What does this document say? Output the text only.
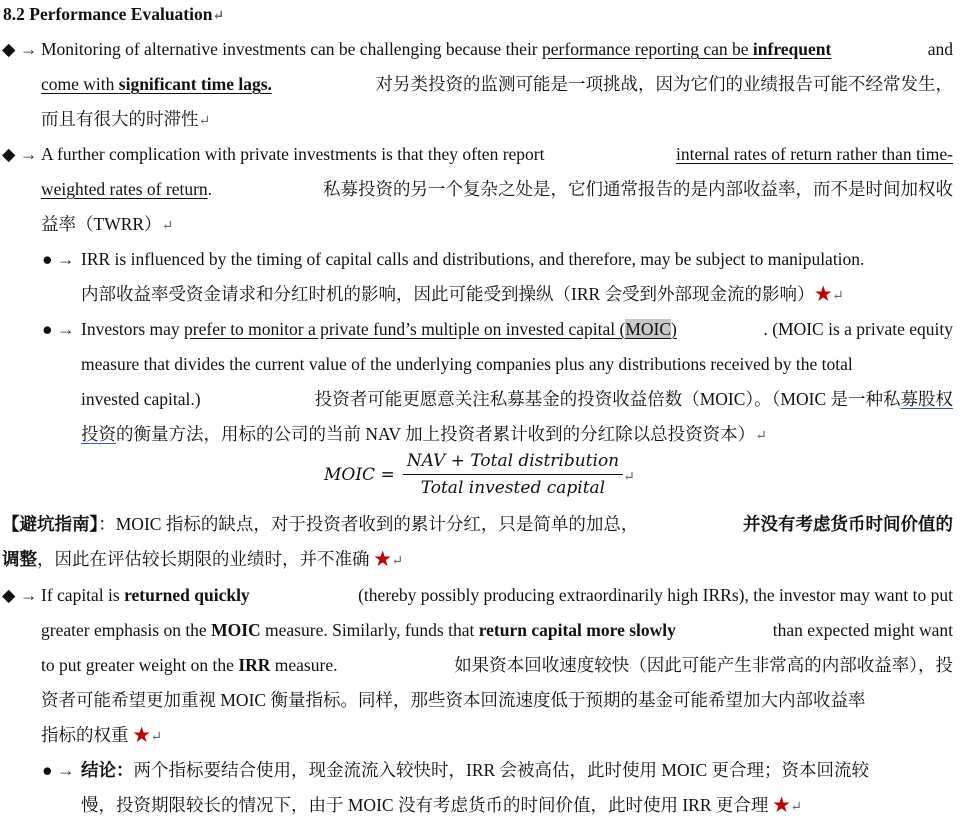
8.2 Performance Evaluation↵
◆ → Monitoring of alternative investments can be challenging because their performance reporting can be infrequent	and
come with significant time lags.	对另类投资的监测可能是一项挑战，因为它们的业绩报告可能不经常发生，
而且有很大的时滞性↵
◆ → A further complication with private investments is that they often report	internal rates of return rather than time-
weighted rates of return.	私募投资的另一个复杂之处是，它们通常报告的是内部收益率，而不是时间加权收
益率（TWRR）↵
● → IRR is influenced by the timing of capital calls and distributions, and therefore, may be subject to manipulation.
内部收益率受资金请求和分红时机的影响，因此可能受到操纵（IRR 会受到外部现金流的影响）★↵
● → Investors may prefer to monitor a private fund’s multiple on invested capital (MOIC)	. (MOIC is a private equity
measure that divides the current value of the underlying companies plus any distributions received by the total
invested capital.)	投资者可能更愿意关注私募基金的投资收益倍数（MOIC）。（MOIC 是一种私募股权
投资的衡量方法，用标的公司的当前 NAV 加上投资者累计收到的分红除以总投资资本）↵
MOIC = $\frac{\text{NAV + Total distribution}}{\text{Total invested capital}}$ ↵
【避坑指南】：MOIC 指标的缺点，对于投资者收到的累计分红，只是简单的加总，	并没有考虑货币时间价值的
调整，因此在评估较长期限的业绩时，并不准确 ★↵
◆ → If capital is returned quickly	(thereby possibly producing extraordinarily high IRRs), the investor may want to put
greater emphasis on the MOIC measure. Similarly, funds that return capital more slowly	than expected might want
to put greater weight on the IRR measure.	如果资本回收速度较快（因此可能产生非常高的内部收益率），投
资者可能希望更加重视 MOIC 衡量指标。同样，那些资本回流速度低于预期的基金可能希望加大内部收益率
指标的权重 ★↵
● → 结论：两个指标要结合使用，现金流流入较快时，IRR 会被高估，此时使用 MOIC 更合理；资本回流较
慢，投资期限较长的情况下，由于 MOIC 没有考虑货币的时间价值，此时使用 IRR 更合理 ★↵
